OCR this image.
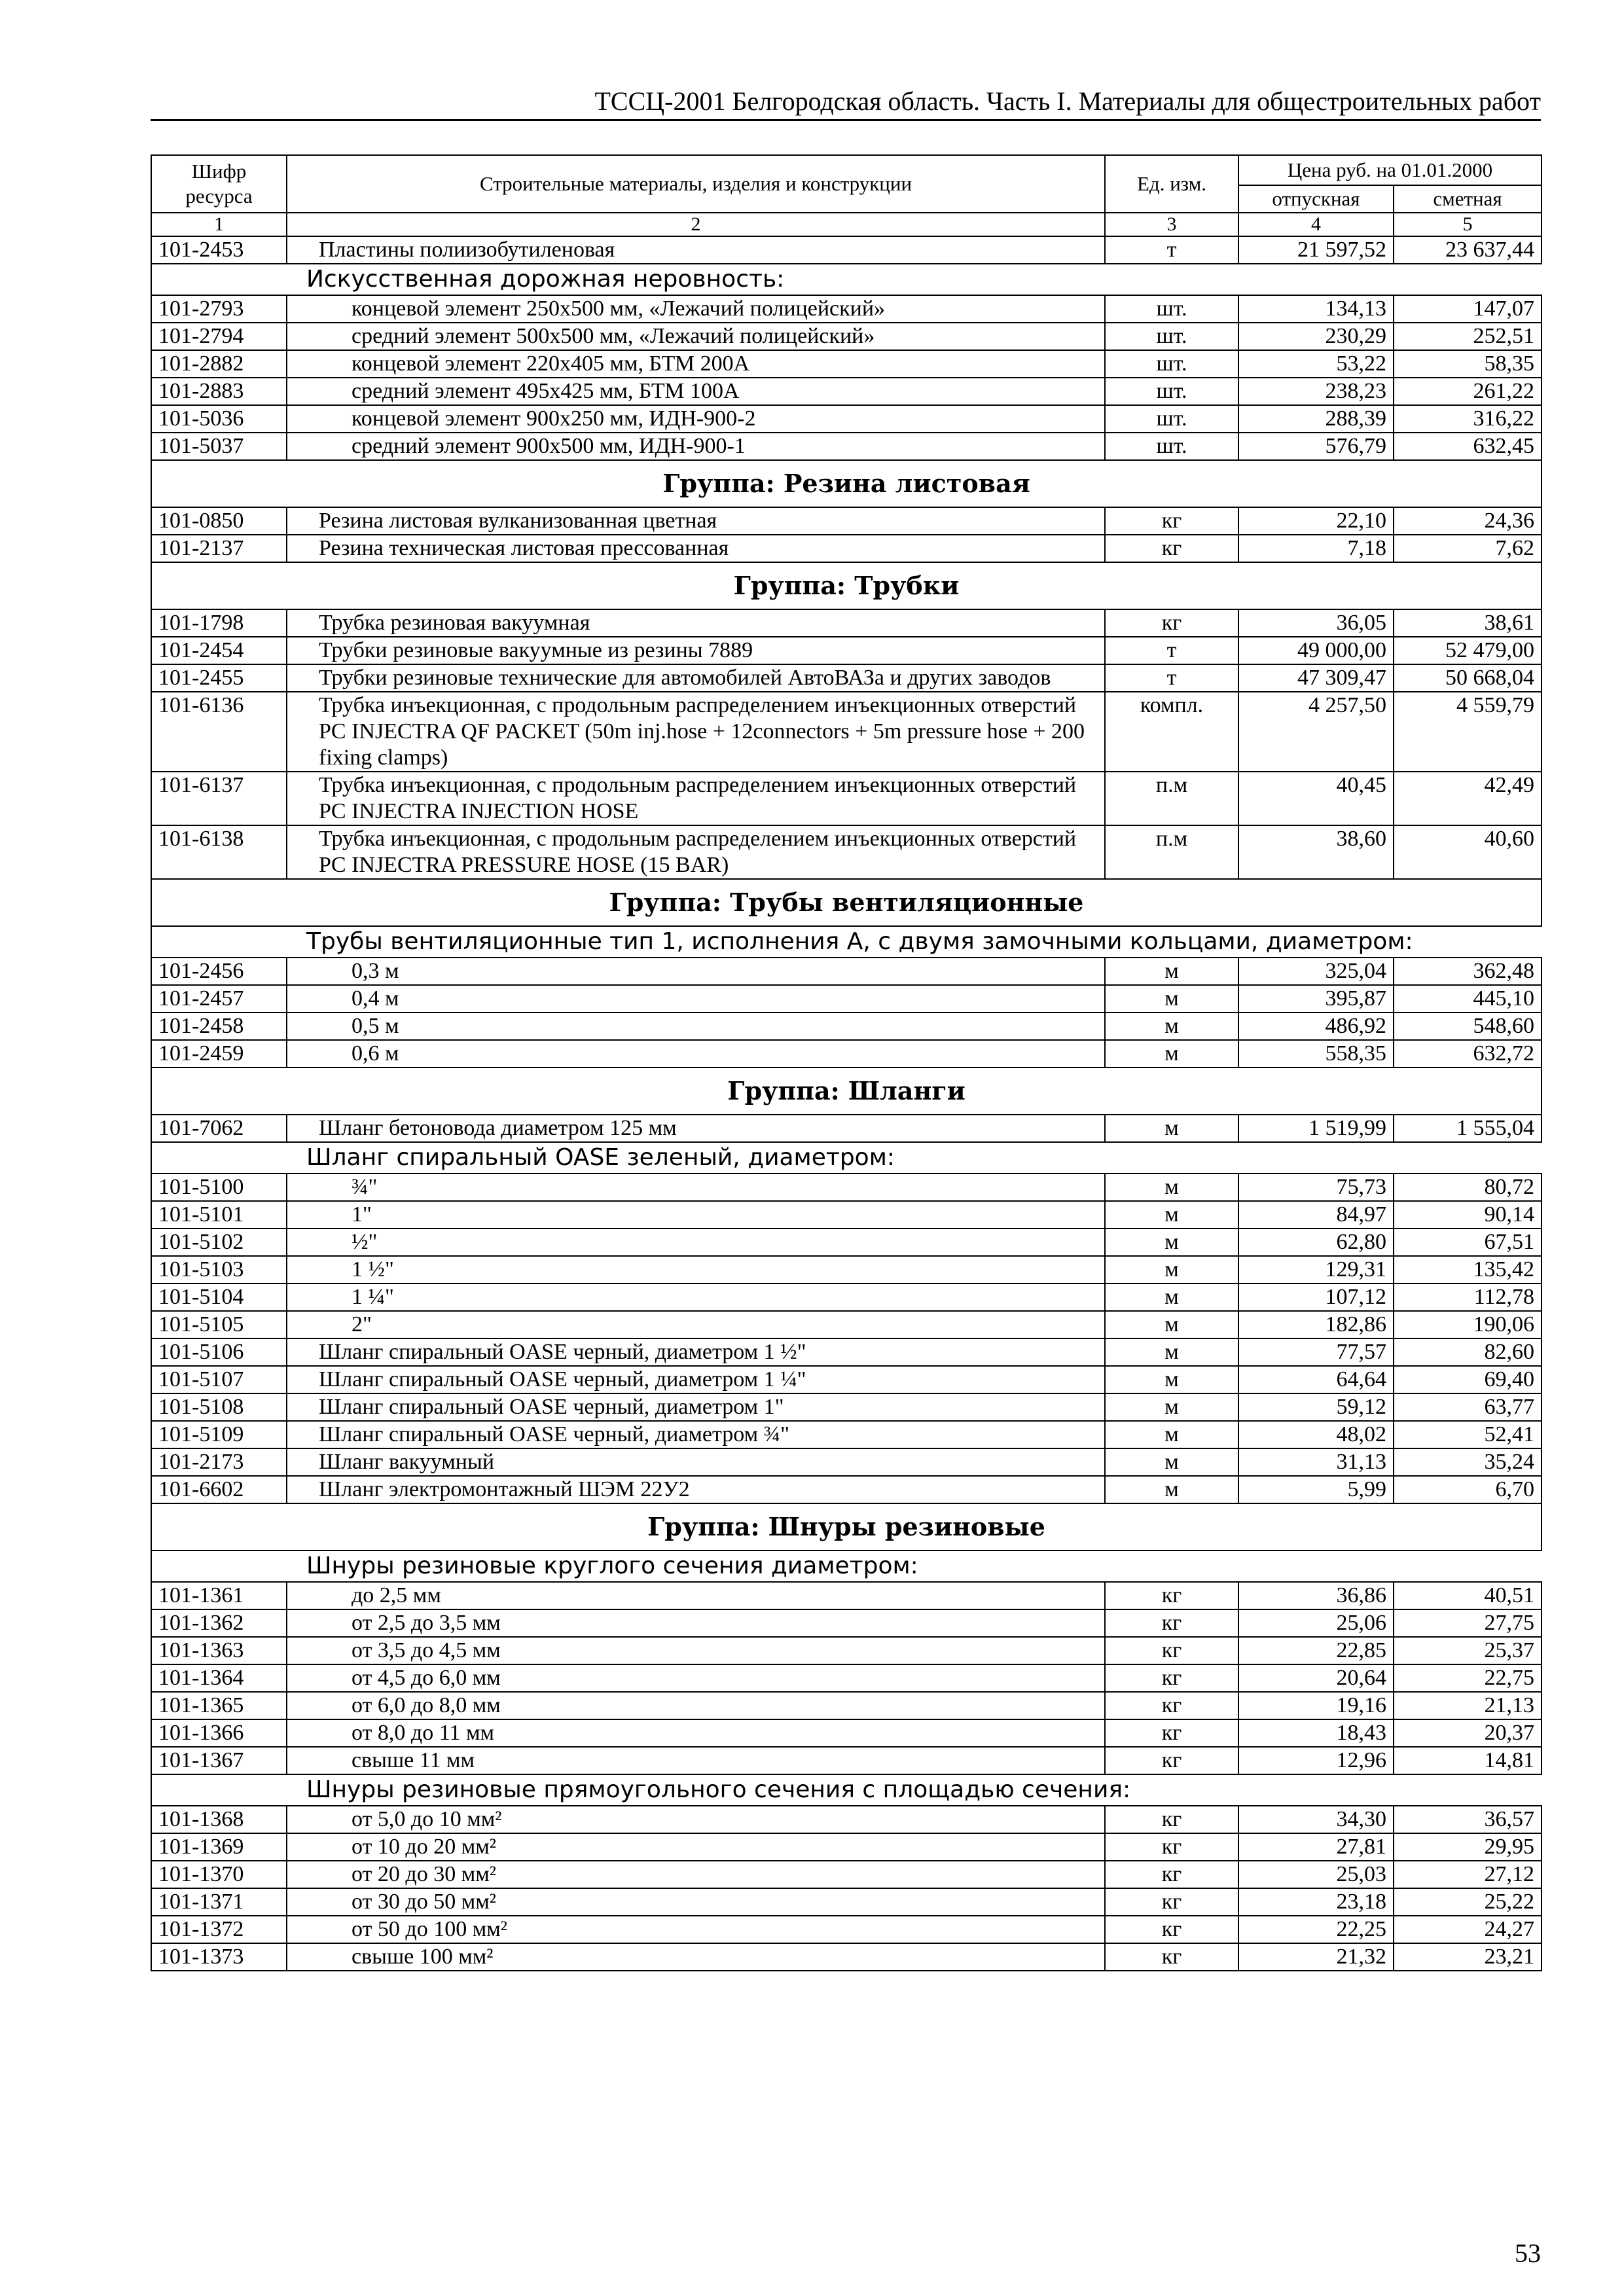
ТССЦ-2001 Белгородская область. Часть I. Материалы для общестроительных работ
Шифр ресурса	Строительные материалы, изделия и конструкции	Ед. изм.	Цена руб. на 01.01.2000	
			отпускная	сметная
1	2	3	4	5
101-2453	Пластины полиизобутиленовая	т	21 597,52	23 637,44
Искусственная дорожная неровность:				
101-2793	концевой элемент 250х500 мм, «Лежачий полицейский»	шт.	134,13	147,07
101-2794	средний элемент 500х500 мм, «Лежачий полицейский»	шт.	230,29	252,51
101-2882	концевой элемент 220х405 мм, БТМ 200А	шт.	53,22	58,35
101-2883	средний элемент 495х425 мм, БТМ 100А	шт.	238,23	261,22
101-5036	концевой элемент 900х250 мм, ИДН-900-2	шт.	288,39	316,22
101-5037	средний элемент 900х500 мм, ИДН-900-1	шт.	576,79	632,45
Группа: Резина листовая				
101-0850	Резина листовая вулканизованная цветная	кг	22,10	24,36
101-2137	Резина техническая листовая прессованная	кг	7,18	7,62
Группа: Трубки				
101-1798	Трубка резиновая вакуумная	кг	36,05	38,61
101-2454	Трубки резиновые вакуумные из резины 7889	т	49 000,00	52 479,00
101-2455	Трубки резиновые технические для автомобилей АвтоВАЗа и других заводов	т	47 309,47	50 668,04
101-6136	Трубка инъекционная, с продольным распределением инъекционных отверстий PC INJECTRA QF PACKET (50m inj.hose + 12connectors + 5m pressure hose + 200 fixing clamps)	компл.	4 257,50	4 559,79
101-6137	Трубка инъекционная, с продольным распределением инъекционных отверстий PC INJECTRA INJECTION HOSE	п.м	40,45	42,49
101-6138	Трубка инъекционная, с продольным распределением инъекционных отверстий PC INJECTRA PRESSURE HOSE (15 BAR)	п.м	38,60	40,60
Группа: Трубы вентиляционные				
Трубы вентиляционные тип 1, исполнения А, с двумя замочными кольцами, диаметром:				
101-2456	0,3 м	м	325,04	362,48
101-2457	0,4 м	м	395,87	445,10
101-2458	0,5 м	м	486,92	548,60
101-2459	0,6 м	м	558,35	632,72
Группа: Шланги				
101-7062	Шланг бетоновода диаметром 125 мм	м	1 519,99	1 555,04
Шланг спиральный OASE зеленый, диаметром:				
101-5100	¾"	м	75,73	80,72
101-5101	1"	м	84,97	90,14
101-5102	½"	м	62,80	67,51
101-5103	1 ½"	м	129,31	135,42
101-5104	1 ¼"	м	107,12	112,78
101-5105	2"	м	182,86	190,06
101-5106	Шланг спиральный OASE черный, диаметром 1 ½"	м	77,57	82,60
101-5107	Шланг спиральный OASE черный, диаметром 1 ¼"	м	64,64	69,40
101-5108	Шланг спиральный OASE черный, диаметром 1"	м	59,12	63,77
101-5109	Шланг спиральный OASE черный, диаметром ¾"	м	48,02	52,41
101-2173	Шланг вакуумный	м	31,13	35,24
101-6602	Шланг электромонтажный ШЭМ 22У2	м	5,99	6,70
Группа: Шнуры резиновые				
Шнуры резиновые круглого сечения диаметром:				
101-1361	до 2,5 мм	кг	36,86	40,51
101-1362	от 2,5 до 3,5 мм	кг	25,06	27,75
101-1363	от 3,5 до 4,5 мм	кг	22,85	25,37
101-1364	от 4,5 до 6,0 мм	кг	20,64	22,75
101-1365	от 6,0 до 8,0 мм	кг	19,16	21,13
101-1366	от 8,0 до 11 мм	кг	18,43	20,37
101-1367	свыше 11 мм	кг	12,96	14,81
Шнуры резиновые прямоугольного сечения с площадью сечения:				
101-1368	от 5,0 до 10 мм²	кг	34,30	36,57
101-1369	от 10 до 20 мм²	кг	27,81	29,95
101-1370	от 20 до 30 мм²	кг	25,03	27,12
101-1371	от 30 до 50 мм²	кг	23,18	25,22
101-1372	от 50 до 100 мм²	кг	22,25	24,27
101-1373	свыше 100 мм²	кг	21,32	23,21
53
